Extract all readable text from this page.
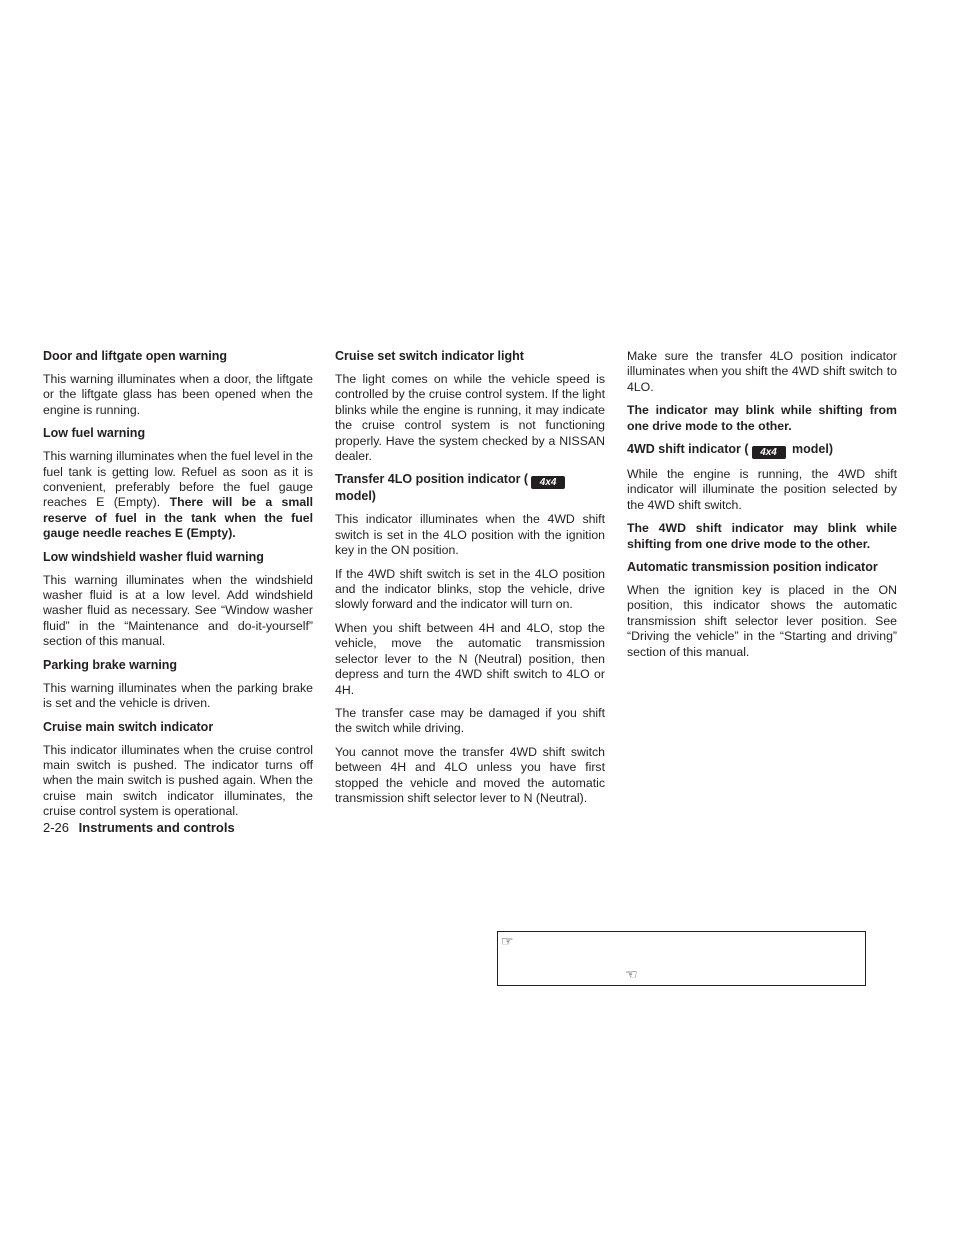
Door and liftgate open warning

This warning illuminates when a door, the liftgate or the liftgate glass has been opened when the engine is running.

Low fuel warning

This warning illuminates when the fuel level in the fuel tank is getting low. Refuel as soon as it is convenient, preferably before the fuel gauge reaches E (Empty). There will be a small reserve of fuel in the tank when the fuel gauge needle reaches E (Empty).

Low windshield washer fluid warning

This warning illuminates when the windshield washer fluid is at a low level. Add windshield washer fluid as necessary. See “Window washer fluid” in the “Maintenance and do-it-yourself” section of this manual.

Parking brake warning

This warning illuminates when the parking brake is set and the vehicle is driven.

Cruise main switch indicator

This indicator illuminates when the cruise control main switch is pushed. The indicator turns off when the main switch is pushed again. When the cruise main switch indicator illuminates, the cruise control system is operational.

Cruise set switch indicator light

The light comes on while the vehicle speed is controlled by the cruise control system. If the light blinks while the engine is running, it may indicate the cruise control system is not functioning properly. Have the system checked by a NISSAN dealer.

Transfer 4LO position indicator ( 4x4
model)

This indicator illuminates when the 4WD shift switch is set in the 4LO position with the ignition key in the ON position.

If the 4WD shift switch is set in the 4LO position and the indicator blinks, stop the vehicle, drive slowly forward and the indicator will turn on.

When you shift between 4H and 4LO, stop the vehicle, move the automatic transmission selector lever to the N (Neutral) position, then depress and turn the 4WD shift switch to 4LO or 4H.

The transfer case may be damaged if you shift the switch while driving.

You cannot move the transfer 4WD shift switch between 4H and 4LO unless you have first stopped the vehicle and moved the automatic transmission shift selector lever to N (Neutral).

Make sure the transfer 4LO position indicator illuminates when you shift the 4WD shift switch to 4LO.

The indicator may blink while shifting from one drive mode to the other.

4WD shift indicator ( 4x4 model)

While the engine is running, the 4WD shift indicator will illuminate the position selected by the 4WD shift switch.

The 4WD shift indicator may blink while shifting from one drive mode to the other.

Automatic transmission position indicator

When the ignition key is placed in the ON position, this indicator shows the automatic transmission shift selector lever position. See “Driving the vehicle” in the “Starting and driving” section of this manual.

2-26 Instruments and controls
☞
☜
